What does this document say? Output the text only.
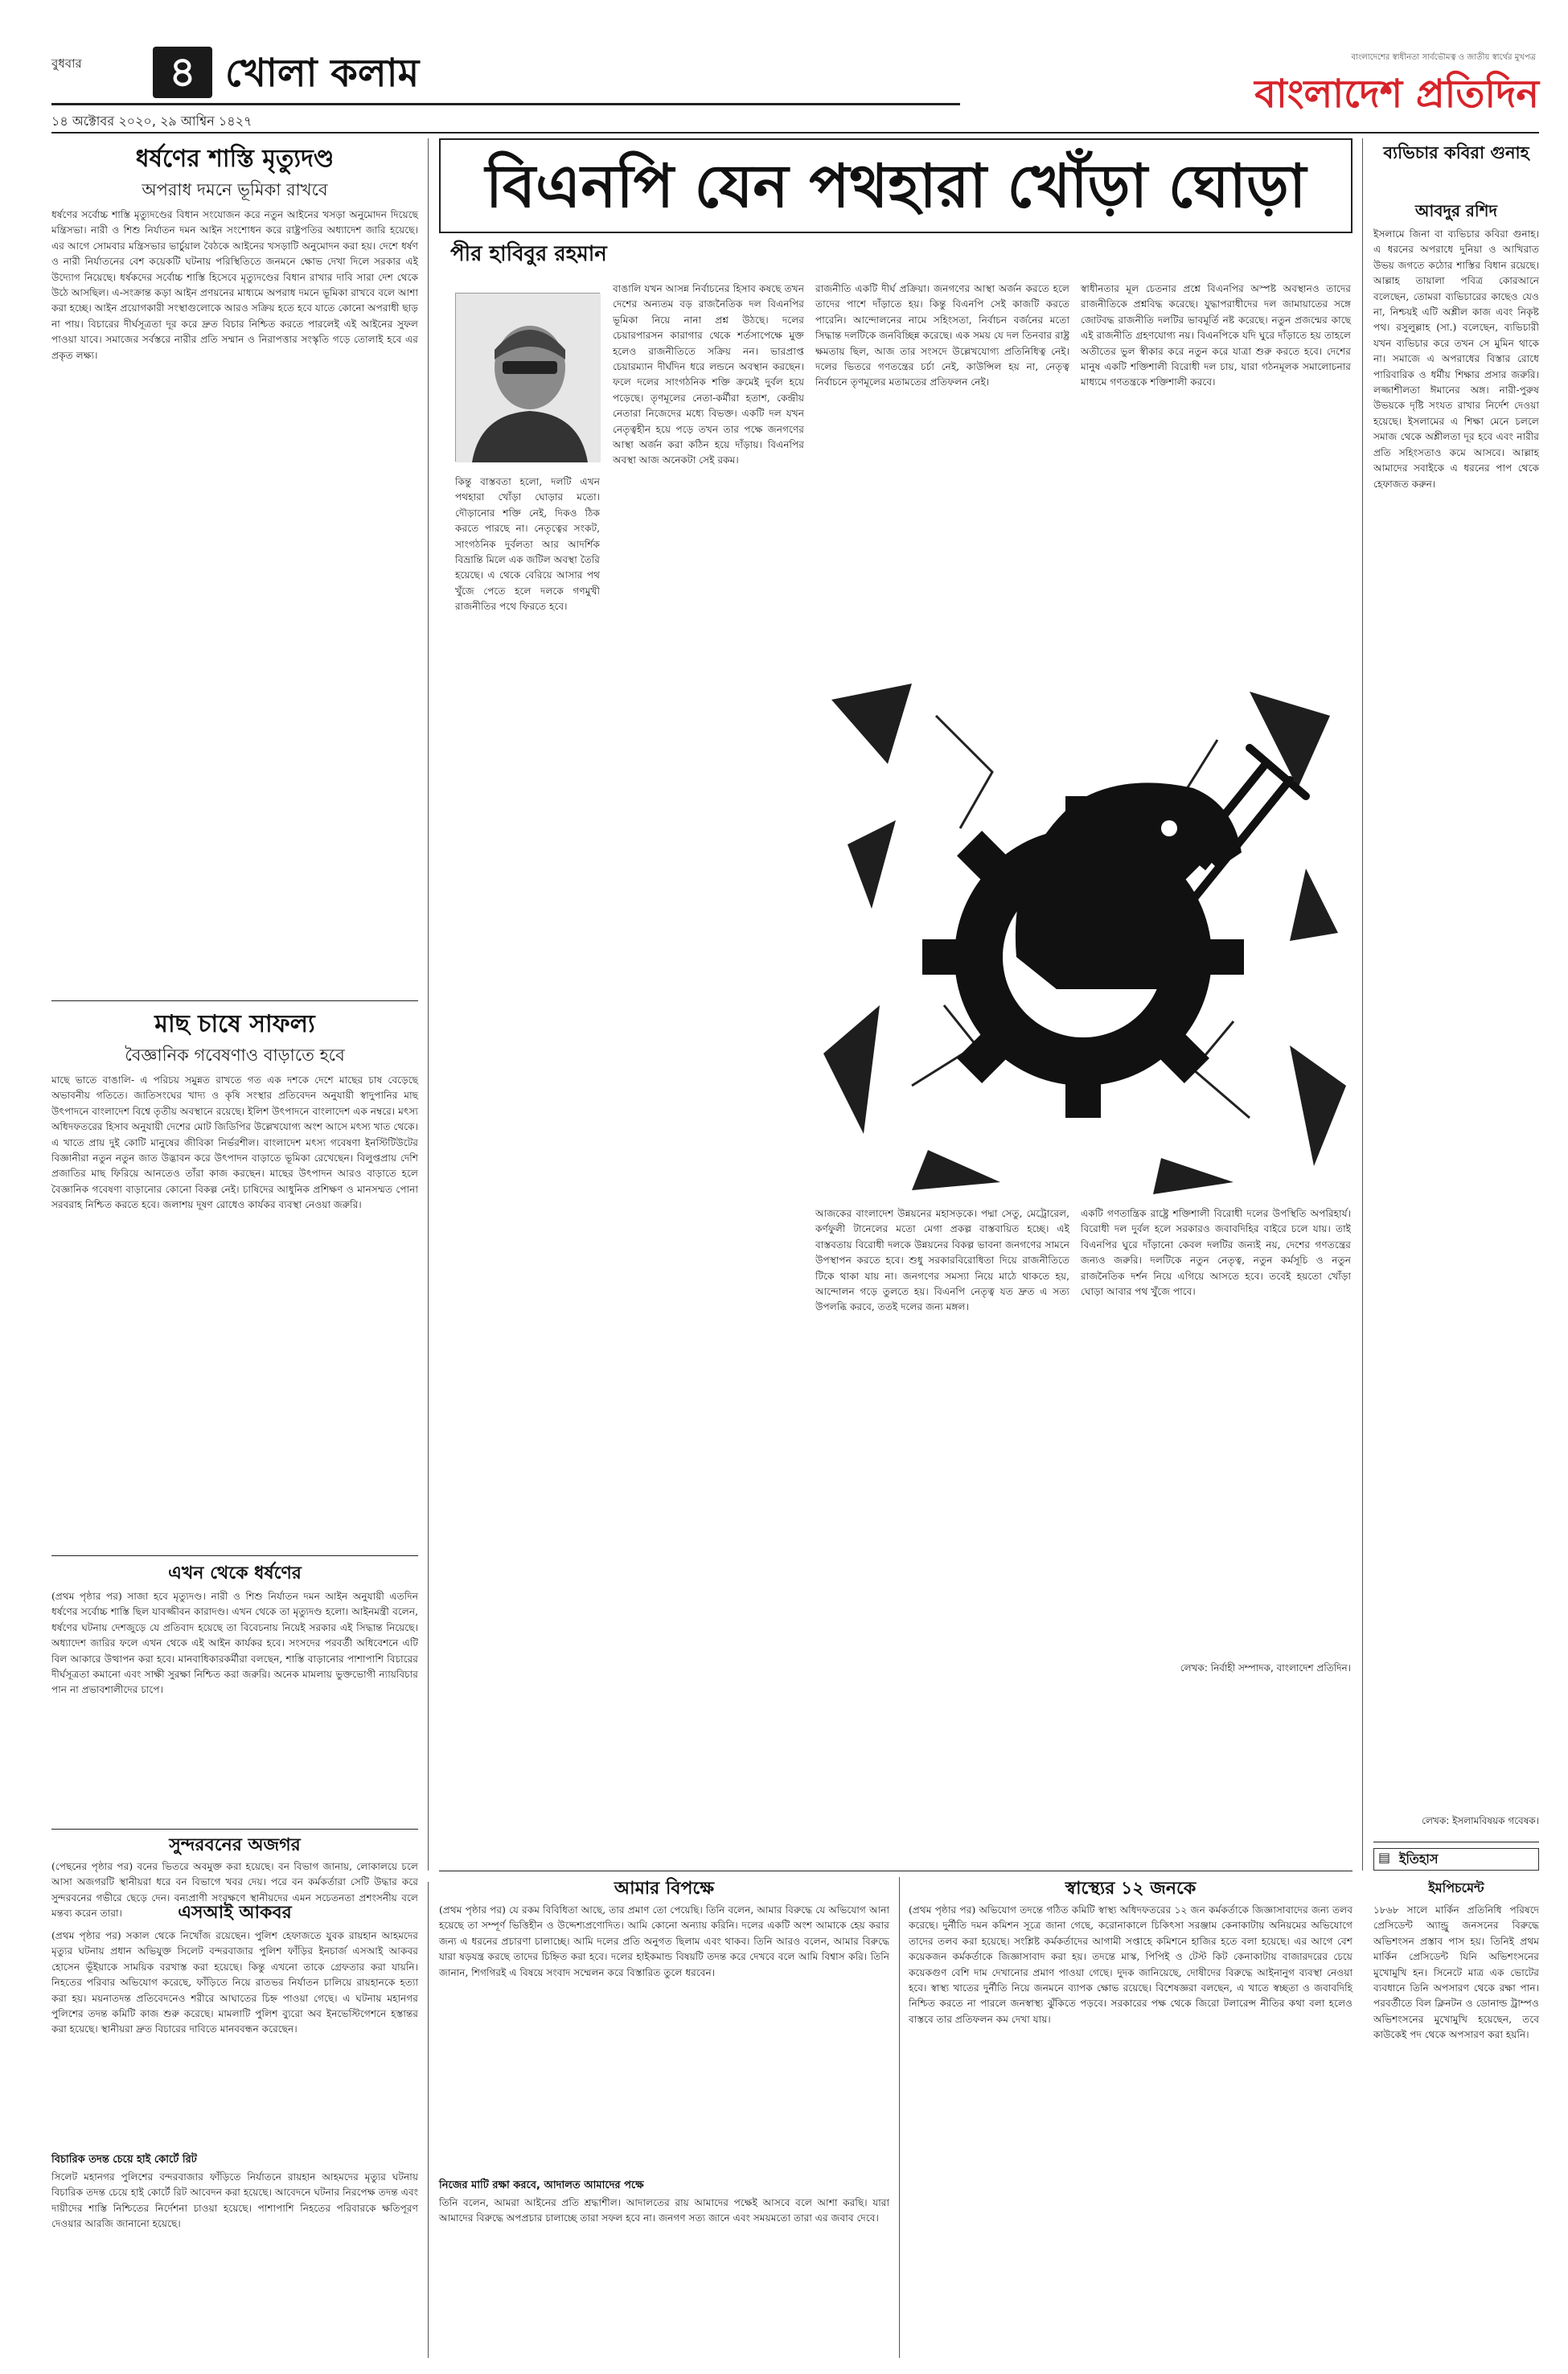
৪ খোলা কলাম
বুধবার
১৪ অক্টোবর ২০২০, ২৯ আশ্বিন ১৪২৭
বাংলাদেশের স্বাধীনতা সার্বভৌমত্ব ও জাতীয় স্বার্থের মুখপত্র
বাংলাদেশ প্রতিদিন
ধর্ষণের শাস্তি মৃত্যুদণ্ড
অপরাধ দমনে ভূমিকা রাখবে
ধর্ষণের সর্বোচ্চ শাস্তি মৃত্যুদণ্ডের বিধান সংযোজন করে নতুন আইনের খসড়া অনুমোদন দিয়েছে মন্ত্রিসভা। নারী ও শিশু নির্যাতন দমন আইন সংশোধন করে রাষ্ট্রপতির অধ্যাদেশ জারি হয়েছে। এর আগে সোমবার মন্ত্রিসভার ভার্চুয়াল বৈঠকে আইনের খসড়াটি অনুমোদন করা হয়। দেশে ধর্ষণ ও নারী নির্যাতনের বেশ কয়েকটি ঘটনায় পরিস্থিতিতে জনমনে ক্ষোভ দেখা দিলে সরকার এই উদ্যোগ নিয়েছে। ধর্ষকদের সর্বোচ্চ শাস্তি হিসেবে মৃত্যুদণ্ডের বিধান রাখার দাবি সারা দেশ থেকে উঠে আসছিল। এ-সংক্রান্ত কড়া আইন প্রণয়নের মাধ্যমে অপরাধ দমনে ভূমিকা রাখবে বলে আশা করা হচ্ছে। আইন প্রয়োগকারী সংস্থাগুলোকে আরও সক্রিয় হতে হবে যাতে কোনো অপরাধী ছাড় না পায়। বিচারের দীর্ঘসূত্রতা দূর করে দ্রুত বিচার নিশ্চিত করতে পারলেই এই আইনের সুফল পাওয়া যাবে। সমাজের সর্বস্তরে নারীর প্রতি সম্মান ও নিরাপত্তার সংস্কৃতি গড়ে তোলাই হবে এর প্রকৃত লক্ষ্য।
মাছ চাষে সাফল্য
বৈজ্ঞানিক গবেষণাও বাড়াতে হবে
মাছে ভাতে বাঙালি- এ পরিচয় সমুন্নত রাখতে গত এক দশকে দেশে মাছের চাষ বেড়েছে অভাবনীয় গতিতে। জাতিসংঘের খাদ্য ও কৃষি সংস্থার প্রতিবেদন অনুযায়ী স্বাদুপানির মাছ উৎপাদনে বাংলাদেশ বিশ্বে তৃতীয় অবস্থানে রয়েছে। ইলিশ উৎপাদনে বাংলাদেশ এক নম্বরে। মৎস্য অধিদফতরের হিসাব অনুযায়ী দেশের মোট জিডিপির উল্লেখযোগ্য অংশ আসে মৎস্য খাত থেকে। এ খাতে প্রায় দুই কোটি মানুষের জীবিকা নির্ভরশীল। বাংলাদেশ মৎস্য গবেষণা ইনস্টিটিউটের বিজ্ঞানীরা নতুন নতুন জাত উদ্ভাবন করে উৎপাদন বাড়াতে ভূমিকা রেখেছেন। বিলুপ্তপ্রায় দেশি প্রজাতির মাছ ফিরিয়ে আনতেও তাঁরা কাজ করছেন। মাছের উৎপাদন আরও বাড়াতে হলে বৈজ্ঞানিক গবেষণা বাড়ানোর কোনো বিকল্প নেই। চাষিদের আধুনিক প্রশিক্ষণ ও মানসম্মত পোনা সরবরাহ নিশ্চিত করতে হবে। জলাশয় দূষণ রোধেও কার্যকর ব্যবস্থা নেওয়া জরুরি।
বিএনপি যেন পথহারা খোঁড়া ঘোড়া
পীর হাবিবুর রহমান
বাঙালি যখন আসন্ন নির্বাচনের হিসাব কষছে তখন দেশের অন্যতম বড় রাজনৈতিক দল বিএনপির ভূমিকা নিয়ে নানা প্রশ্ন উঠছে। দলের চেয়ারপারসন কারাগার থেকে শর্তসাপেক্ষে মুক্ত হলেও রাজনীতিতে সক্রিয় নন। ভারপ্রাপ্ত চেয়ারম্যান দীর্ঘদিন ধরে লন্ডনে অবস্থান করছেন। ফলে দলের সাংগঠনিক শক্তি ক্রমেই দুর্বল হয়ে পড়েছে। তৃণমূলের নেতা-কর্মীরা হতাশ, কেন্দ্রীয় নেতারা নিজেদের মধ্যে বিভক্ত। একটি দল যখন নেতৃত্বহীন হয়ে পড়ে তখন তার পক্ষে জনগণের আস্থা অর্জন করা কঠিন হয়ে দাঁড়ায়। বিএনপির অবস্থা আজ অনেকটা সেই রকম।
রাজনীতি একটি দীর্ঘ প্রক্রিয়া। জনগণের আস্থা অর্জন করতে হলে তাদের পাশে দাঁড়াতে হয়। কিন্তু বিএনপি সেই কাজটি করতে পারেনি। আন্দোলনের নামে সহিংসতা, নির্বাচন বর্জনের মতো সিদ্ধান্ত দলটিকে জনবিচ্ছিন্ন করেছে। এক সময় যে দল তিনবার রাষ্ট্র ক্ষমতায় ছিল, আজ তার সংসদে উল্লেখযোগ্য প্রতিনিধিত্ব নেই। দলের ভিতরে গণতন্ত্রের চর্চা নেই, কাউন্সিল হয় না, নেতৃত্ব নির্বাচনে তৃণমূলের মতামতের প্রতিফলন নেই।
স্বাধীনতার মূল চেতনার প্রশ্নে বিএনপির অস্পষ্ট অবস্থানও তাদের রাজনীতিকে প্রশ্নবিদ্ধ করেছে। যুদ্ধাপরাধীদের দল জামায়াতের সঙ্গে জোটবদ্ধ রাজনীতি দলটির ভাবমূর্তি নষ্ট করেছে। নতুন প্রজন্মের কাছে এই রাজনীতি গ্রহণযোগ্য নয়। বিএনপিকে যদি ঘুরে দাঁড়াতে হয় তাহলে অতীতের ভুল স্বীকার করে নতুন করে যাত্রা শুরু করতে হবে। দেশের মানুষ একটি শক্তিশালী বিরোধী দল চায়, যারা গঠনমূলক সমালোচনার মাধ্যমে গণতন্ত্রকে শক্তিশালী করবে।
কিন্তু বাস্তবতা হলো, দলটি এখন পথহারা খোঁড়া ঘোড়ার মতো। দৌড়ানোর শক্তি নেই, দিকও ঠিক করতে পারছে না। নেতৃত্বের সংকট, সাংগঠনিক দুর্বলতা আর আদর্শিক বিভ্রান্তি মিলে এক জটিল অবস্থা তৈরি হয়েছে। এ থেকে বেরিয়ে আসার পথ খুঁজে পেতে হলে দলকে গণমুখী রাজনীতির পথে ফিরতে হবে।
আজকের বাংলাদেশ উন্নয়নের মহাসড়কে। পদ্মা সেতু, মেট্রোরেল, কর্ণফুলী টানেলের মতো মেগা প্রকল্প বাস্তবায়িত হচ্ছে। এই বাস্তবতায় বিরোধী দলকে উন্নয়নের বিকল্প ভাবনা জনগণের সামনে উপস্থাপন করতে হবে। শুধু সরকারবিরোধিতা দিয়ে রাজনীতিতে টিকে থাকা যায় না। জনগণের সমস্যা নিয়ে মাঠে থাকতে হয়, আন্দোলন গড়ে তুলতে হয়। বিএনপি নেতৃত্ব যত দ্রুত এ সত্য উপলব্ধি করবে, ততই দলের জন্য মঙ্গল।
একটি গণতান্ত্রিক রাষ্ট্রে শক্তিশালী বিরোধী দলের উপস্থিতি অপরিহার্য। বিরোধী দল দুর্বল হলে সরকারও জবাবদিহির বাইরে চলে যায়। তাই বিএনপির ঘুরে দাঁড়ানো কেবল দলটির জন্যই নয়, দেশের গণতন্ত্রের জন্যও জরুরি। দলটিকে নতুন নেতৃত্ব, নতুন কর্মসূচি ও নতুন রাজনৈতিক দর্শন নিয়ে এগিয়ে আসতে হবে। তবেই হয়তো খোঁড়া ঘোড়া আবার পথ খুঁজে পাবে।
লেখক: নির্বাহী সম্পাদক, বাংলাদেশ প্রতিদিন।
ব্যভিচার কবিরা গুনাহ
আবদুর রশিদ
ইসলামে জিনা বা ব্যভিচার কবিরা গুনাহ। এ ধরনের অপরাধে দুনিয়া ও আখিরাত উভয় জগতে কঠোর শাস্তির বিধান রয়েছে। আল্লাহ তায়ালা পবিত্র কোরআনে বলেছেন, তোমরা ব্যভিচারের কাছেও যেও না, নিশ্চয়ই এটি অশ্লীল কাজ এবং নিকৃষ্ট পথ। রসুলুল্লাহ (সা.) বলেছেন, ব্যভিচারী যখন ব্যভিচার করে তখন সে মুমিন থাকে না। সমাজে এ অপরাধের বিস্তার রোধে পারিবারিক ও ধর্মীয় শিক্ষার প্রসার জরুরি। লজ্জাশীলতা ঈমানের অঙ্গ। নারী-পুরুষ উভয়কে দৃষ্টি সংযত রাখার নির্দেশ দেওয়া হয়েছে। ইসলামের এ শিক্ষা মেনে চললে সমাজ থেকে অশ্লীলতা দূর হবে এবং নারীর প্রতি সহিংসতাও কমে আসবে। আল্লাহ আমাদের সবাইকে এ ধরনের পাপ থেকে হেফাজত করুন।
লেখক: ইসলামবিষয়ক গবেষক।
▤ ইতিহাস
ইমপিচমেন্ট
১৮৬৮ সালে মার্কিন প্রতিনিধি পরিষদে প্রেসিডেন্ট অ্যান্ড্রু জনসনের বিরুদ্ধে অভিশংসন প্রস্তাব পাস হয়। তিনিই প্রথম মার্কিন প্রেসিডেন্ট যিনি অভিশংসনের মুখোমুখি হন। সিনেটে মাত্র এক ভোটের ব্যবধানে তিনি অপসারণ থেকে রক্ষা পান। পরবর্তীতে বিল ক্লিনটন ও ডোনাল্ড ট্রাম্পও অভিশংসনের মুখোমুখি হয়েছেন, তবে কাউকেই পদ থেকে অপসারণ করা হয়নি।
এখন থেকে ধর্ষণের
(প্রথম পৃষ্ঠার পর) সাজা হবে মৃত্যুদণ্ড। নারী ও শিশু নির্যাতন দমন আইন অনুযায়ী এতদিন ধর্ষণের সর্বোচ্চ শাস্তি ছিল যাবজ্জীবন কারাদণ্ড। এখন থেকে তা মৃত্যুদণ্ড হলো। আইনমন্ত্রী বলেন, ধর্ষণের ঘটনায় দেশজুড়ে যে প্রতিবাদ হয়েছে তা বিবেচনায় নিয়েই সরকার এই সিদ্ধান্ত নিয়েছে। অধ্যাদেশ জারির ফলে এখন থেকে এই আইন কার্যকর হবে। সংসদের পরবর্তী অধিবেশনে এটি বিল আকারে উত্থাপন করা হবে। মানবাধিকারকর্মীরা বলছেন, শাস্তি বাড়ানোর পাশাপাশি বিচারের দীর্ঘসূত্রতা কমানো এবং সাক্ষী সুরক্ষা নিশ্চিত করা জরুরি। অনেক মামলায় ভুক্তভোগী ন্যায়বিচার পান না প্রভাবশালীদের চাপে।
সুন্দরবনের অজগর
(পেছনের পৃষ্ঠার পর) বনের ভিতরে অবমুক্ত করা হয়েছে। বন বিভাগ জানায়, লোকালয়ে চলে আসা অজগরটি স্থানীয়রা ধরে বন বিভাগে খবর দেয়। পরে বন কর্মকর্তারা সেটি উদ্ধার করে সুন্দরবনের গভীরে ছেড়ে দেন। বন্যপ্রাণী সংরক্ষণে স্থানীয়দের এমন সচেতনতা প্রশংসনীয় বলে মন্তব্য করেন তারা।	এসআই আকবর
(প্রথম পৃষ্ঠার পর) সকাল থেকে নিখোঁজ রয়েছেন। পুলিশ হেফাজতে যুবক রায়হান আহমদের মৃত্যুর ঘটনায় প্রধান অভিযুক্ত সিলেট বন্দরবাজার পুলিশ ফাঁড়ির ইনচার্জ এসআই আকবর হোসেন ভূঁইয়াকে সাময়িক বরখাস্ত করা হয়েছে। কিন্তু এখনো তাকে গ্রেফতার করা যায়নি। নিহতের পরিবার অভিযোগ করেছে, ফাঁড়িতে নিয়ে রাতভর নির্যাতন চালিয়ে রায়হানকে হত্যা করা হয়। ময়নাতদন্ত প্রতিবেদনেও শরীরে আঘাতের চিহ্ন পাওয়া গেছে। এ ঘটনায় মহানগর পুলিশের তদন্ত কমিটি কাজ শুরু করেছে। মামলাটি পুলিশ ব্যুরো অব ইনভেস্টিগেশনে হস্তান্তর করা হয়েছে। স্থানীয়রা দ্রুত বিচারের দাবিতে মানববন্ধন করেছেন।
বিচারিক তদন্ত চেয়ে হাই কোর্টে রিট
সিলেট মহানগর পুলিশের বন্দরবাজার ফাঁড়িতে নির্যাতনে রায়হান আহমদের মৃত্যুর ঘটনায় বিচারিক তদন্ত চেয়ে হাই কোর্টে রিট আবেদন করা হয়েছে। আবেদনে ঘটনার নিরপেক্ষ তদন্ত এবং দায়ীদের শাস্তি নিশ্চিতের নির্দেশনা চাওয়া হয়েছে। পাশাপাশি নিহতের পরিবারকে ক্ষতিপূরণ দেওয়ার আরজি জানানো হয়েছে।
আমার বিপক্ষে
(প্রথম পৃষ্ঠার পর) যে রকম বিবিধিতা আছে, তার প্রমাণ তো পেয়েছি। তিনি বলেন, আমার বিরুদ্ধে যে অভিযোগ আনা হয়েছে তা সম্পূর্ণ ভিত্তিহীন ও উদ্দেশ্যপ্রণোদিত। আমি কোনো অন্যায় করিনি। দলের একটি অংশ আমাকে হেয় করার জন্য এ ধরনের প্রচারণা চালাচ্ছে। আমি দলের প্রতি অনুগত ছিলাম এবং থাকব। তিনি আরও বলেন, আমার বিরুদ্ধে যারা ষড়যন্ত্র করছে তাদের চিহ্নিত করা হবে। দলের হাইকমান্ড বিষয়টি তদন্ত করে দেখবে বলে আমি বিশ্বাস করি। তিনি জানান, শিগগিরই এ বিষয়ে সংবাদ সম্মেলন করে বিস্তারিত তুলে ধরবেন।
নিজের মাটি রক্ষা করবে, আদালত আমাদের পক্ষে
তিনি বলেন, আমরা আইনের প্রতি শ্রদ্ধাশীল। আদালতের রায় আমাদের পক্ষেই আসবে বলে আশা করছি। যারা আমাদের বিরুদ্ধে অপপ্রচার চালাচ্ছে তারা সফল হবে না। জনগণ সত্য জানে এবং সময়মতো তারা এর জবাব দেবে।
স্বাস্থ্যের ১২ জনকে
(প্রথম পৃষ্ঠার পর) অভিযোগ তদন্তে গঠিত কমিটি স্বাস্থ্য অধিদফতরের ১২ জন কর্মকর্তাকে জিজ্ঞাসাবাদের জন্য তলব করেছে। দুর্নীতি দমন কমিশন সূত্রে জানা গেছে, করোনাকালে চিকিৎসা সরঞ্জাম কেনাকাটায় অনিয়মের অভিযোগে তাদের তলব করা হয়েছে। সংশ্লিষ্ট কর্মকর্তাদের আগামী সপ্তাহে কমিশনে হাজির হতে বলা হয়েছে। এর আগে বেশ কয়েকজন কর্মকর্তাকে জিজ্ঞাসাবাদ করা হয়। তদন্তে মাস্ক, পিপিই ও টেস্ট কিট কেনাকাটায় বাজারদরের চেয়ে কয়েকগুণ বেশি দাম দেখানোর প্রমাণ পাওয়া গেছে। দুদক জানিয়েছে, দোষীদের বিরুদ্ধে আইনানুগ ব্যবস্থা নেওয়া হবে। স্বাস্থ্য খাতের দুর্নীতি নিয়ে জনমনে ব্যাপক ক্ষোভ রয়েছে। বিশেষজ্ঞরা বলছেন, এ খাতে স্বচ্ছতা ও জবাবদিহি নিশ্চিত করতে না পারলে জনস্বাস্থ্য ঝুঁকিতে পড়বে। সরকারের পক্ষ থেকে জিরো টলারেন্স নীতির কথা বলা হলেও বাস্তবে তার প্রতিফলন কম দেখা যায়।
